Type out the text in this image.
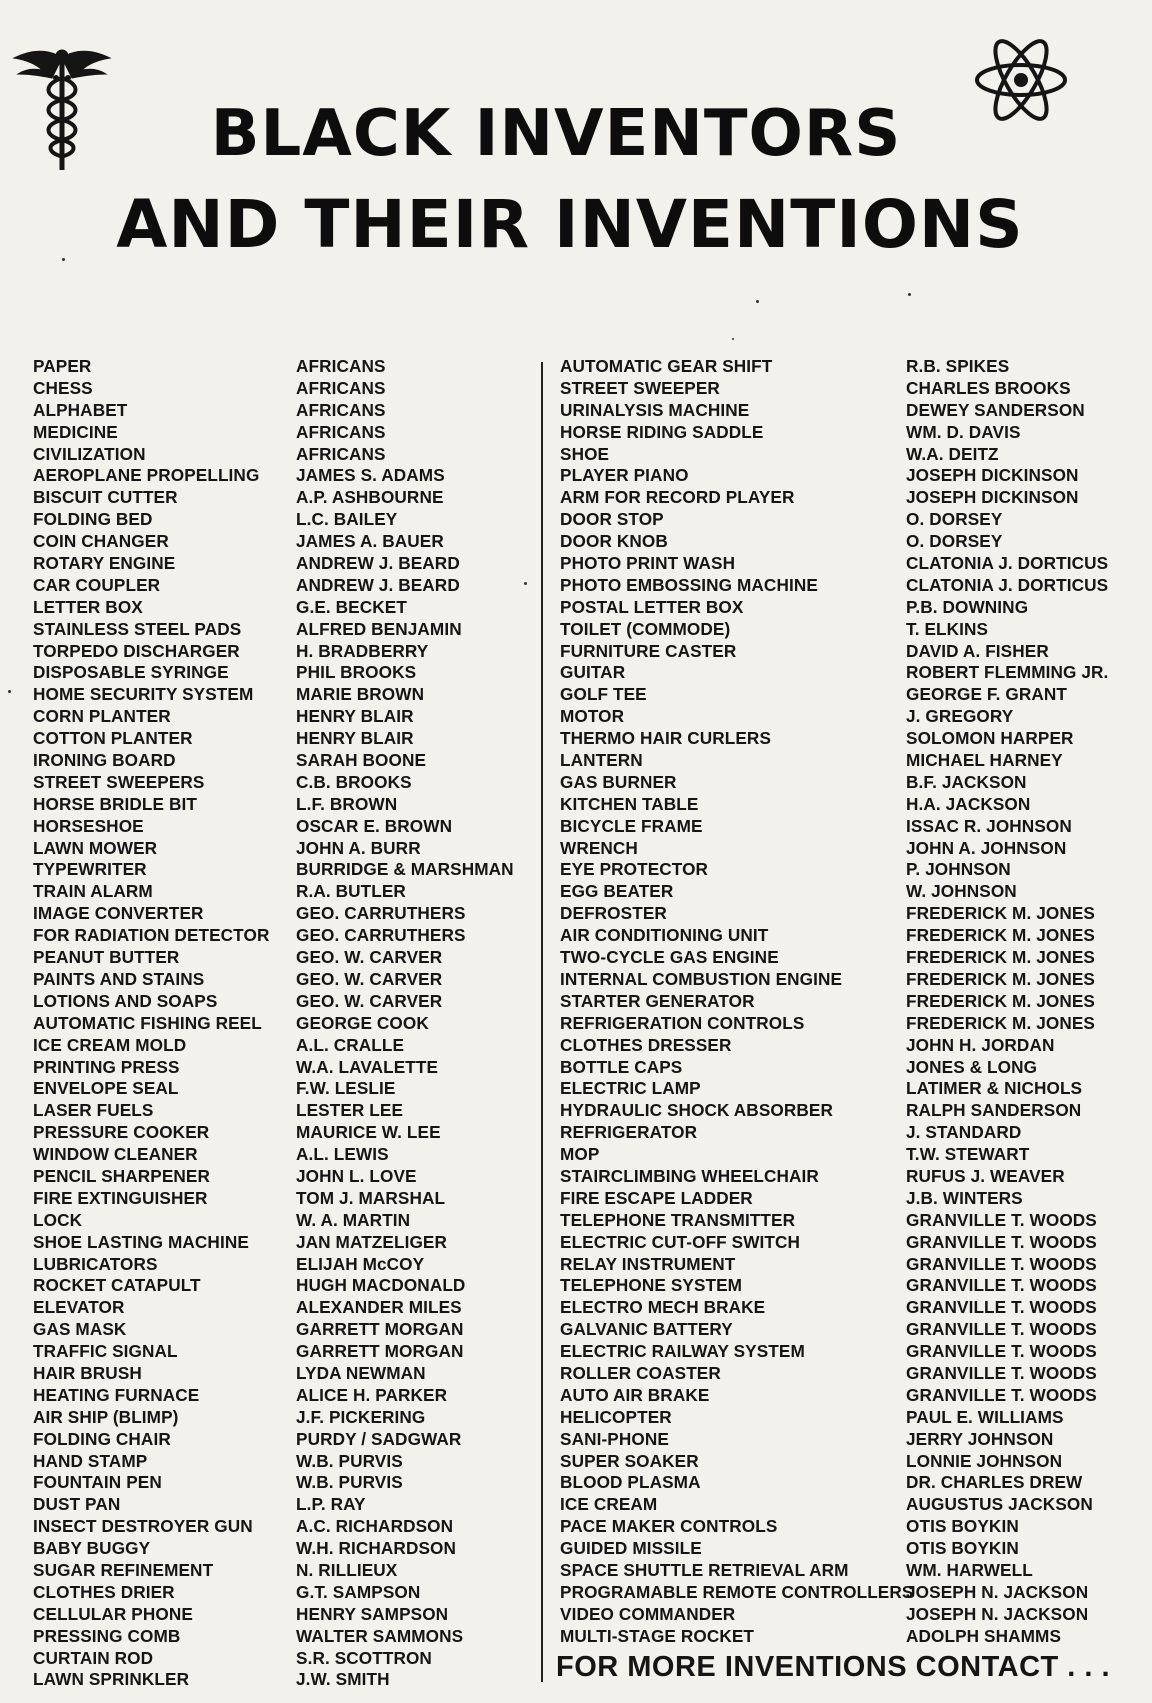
BLACK INVENTORS
AND THEIR INVENTIONS
PAPER
CHESS
ALPHABET
MEDICINE
CIVILIZATION
AEROPLANE PROPELLING
BISCUIT CUTTER
FOLDING BED
COIN CHANGER
ROTARY ENGINE
CAR COUPLER
LETTER BOX
STAINLESS STEEL PADS
TORPEDO DISCHARGER
DISPOSABLE SYRINGE
HOME SECURITY SYSTEM
CORN PLANTER
COTTON PLANTER
IRONING BOARD
STREET SWEEPERS
HORSE BRIDLE BIT
HORSESHOE
LAWN MOWER
TYPEWRITER
TRAIN ALARM
IMAGE CONVERTER
FOR RADIATION DETECTOR
PEANUT BUTTER
PAINTS AND STAINS
LOTIONS AND SOAPS
AUTOMATIC FISHING REEL
ICE CREAM MOLD
PRINTING PRESS
ENVELOPE SEAL
LASER FUELS
PRESSURE COOKER
WINDOW CLEANER
PENCIL SHARPENER
FIRE EXTINGUISHER
LOCK
SHOE LASTING MACHINE
LUBRICATORS
ROCKET CATAPULT
ELEVATOR
GAS MASK
TRAFFIC SIGNAL
HAIR BRUSH
HEATING FURNACE
AIR SHIP (BLIMP)
FOLDING CHAIR
HAND STAMP
FOUNTAIN PEN
DUST PAN
INSECT DESTROYER GUN
BABY BUGGY
SUGAR REFINEMENT
CLOTHES DRIER
CELLULAR PHONE
PRESSING COMB
CURTAIN ROD
LAWN SPRINKLER
AFRICANS
AFRICANS
AFRICANS
AFRICANS
AFRICANS
JAMES S. ADAMS
A.P. ASHBOURNE
L.C. BAILEY
JAMES A. BAUER
ANDREW J. BEARD
ANDREW J. BEARD
G.E. BECKET
ALFRED BENJAMIN
H. BRADBERRY
PHIL BROOKS
MARIE BROWN
HENRY BLAIR
HENRY BLAIR
SARAH BOONE
C.B. BROOKS
L.F. BROWN
OSCAR E. BROWN
JOHN A. BURR
BURRIDGE & MARSHMAN
R.A. BUTLER
GEO. CARRUTHERS
GEO. CARRUTHERS
GEO. W. CARVER
GEO. W. CARVER
GEO. W. CARVER
GEORGE COOK
A.L. CRALLE
W.A. LAVALETTE
F.W. LESLIE
LESTER LEE
MAURICE W. LEE
A.L. LEWIS
JOHN L. LOVE
TOM J. MARSHAL
W. A. MARTIN
JAN MATZELIGER
ELIJAH McCOY
HUGH MACDONALD
ALEXANDER MILES
GARRETT MORGAN
GARRETT MORGAN
LYDA NEWMAN
ALICE H. PARKER
J.F. PICKERING
PURDY / SADGWAR
W.B. PURVIS
W.B. PURVIS
L.P. RAY
A.C. RICHARDSON
W.H. RICHARDSON
N. RILLIEUX
G.T. SAMPSON
HENRY SAMPSON
WALTER SAMMONS
S.R. SCOTTRON
J.W. SMITH
AUTOMATIC GEAR SHIFT
STREET SWEEPER
URINALYSIS MACHINE
HORSE RIDING SADDLE
SHOE
PLAYER PIANO
ARM FOR RECORD PLAYER
DOOR STOP
DOOR KNOB
PHOTO PRINT WASH
PHOTO EMBOSSING MACHINE
POSTAL LETTER BOX
TOILET (COMMODE)
FURNITURE CASTER
GUITAR
GOLF TEE
MOTOR
THERMO HAIR CURLERS
LANTERN
GAS BURNER
KITCHEN TABLE
BICYCLE FRAME
WRENCH
EYE PROTECTOR
EGG BEATER
DEFROSTER
AIR CONDITIONING UNIT
TWO-CYCLE GAS ENGINE
INTERNAL COMBUSTION ENGINE
STARTER GENERATOR
REFRIGERATION CONTROLS
CLOTHES DRESSER
BOTTLE CAPS
ELECTRIC LAMP
HYDRAULIC SHOCK ABSORBER
REFRIGERATOR
MOP
STAIRCLIMBING WHEELCHAIR
FIRE ESCAPE LADDER
TELEPHONE TRANSMITTER
ELECTRIC CUT-OFF SWITCH
RELAY INSTRUMENT
TELEPHONE SYSTEM
ELECTRO MECH BRAKE
GALVANIC BATTERY
ELECTRIC RAILWAY SYSTEM
ROLLER COASTER
AUTO AIR BRAKE
HELICOPTER
SANI-PHONE
SUPER SOAKER
BLOOD PLASMA
ICE CREAM
PACE MAKER CONTROLS
GUIDED MISSILE
SPACE SHUTTLE RETRIEVAL ARM
PROGRAMABLE REMOTE CONTROLLERS
VIDEO COMMANDER
MULTI-STAGE ROCKET
R.B. SPIKES
CHARLES BROOKS
DEWEY SANDERSON
WM. D. DAVIS
W.A. DEITZ
JOSEPH DICKINSON
JOSEPH DICKINSON
O. DORSEY
O. DORSEY
CLATONIA J. DORTICUS
CLATONIA J. DORTICUS
P.B. DOWNING
T. ELKINS
DAVID A. FISHER
ROBERT FLEMMING JR.
GEORGE F. GRANT
J. GREGORY
SOLOMON HARPER
MICHAEL HARNEY
B.F. JACKSON
H.A. JACKSON
ISSAC R. JOHNSON
JOHN A. JOHNSON
P. JOHNSON
W. JOHNSON
FREDERICK M. JONES
FREDERICK M. JONES
FREDERICK M. JONES
FREDERICK M. JONES
FREDERICK M. JONES
FREDERICK M. JONES
JOHN H. JORDAN
JONES & LONG
LATIMER & NICHOLS
RALPH SANDERSON
J. STANDARD
T.W. STEWART
RUFUS J. WEAVER
J.B. WINTERS
GRANVILLE T. WOODS
GRANVILLE T. WOODS
GRANVILLE T. WOODS
GRANVILLE T. WOODS
GRANVILLE T. WOODS
GRANVILLE T. WOODS
GRANVILLE T. WOODS
GRANVILLE T. WOODS
GRANVILLE T. WOODS
PAUL E. WILLIAMS
JERRY JOHNSON
LONNIE JOHNSON
DR. CHARLES DREW
AUGUSTUS JACKSON
OTIS BOYKIN
OTIS BOYKIN
WM. HARWELL
JOSEPH N. JACKSON
JOSEPH N. JACKSON
ADOLPH SHAMMS
FOR MORE INVENTIONS CONTACT . . .
